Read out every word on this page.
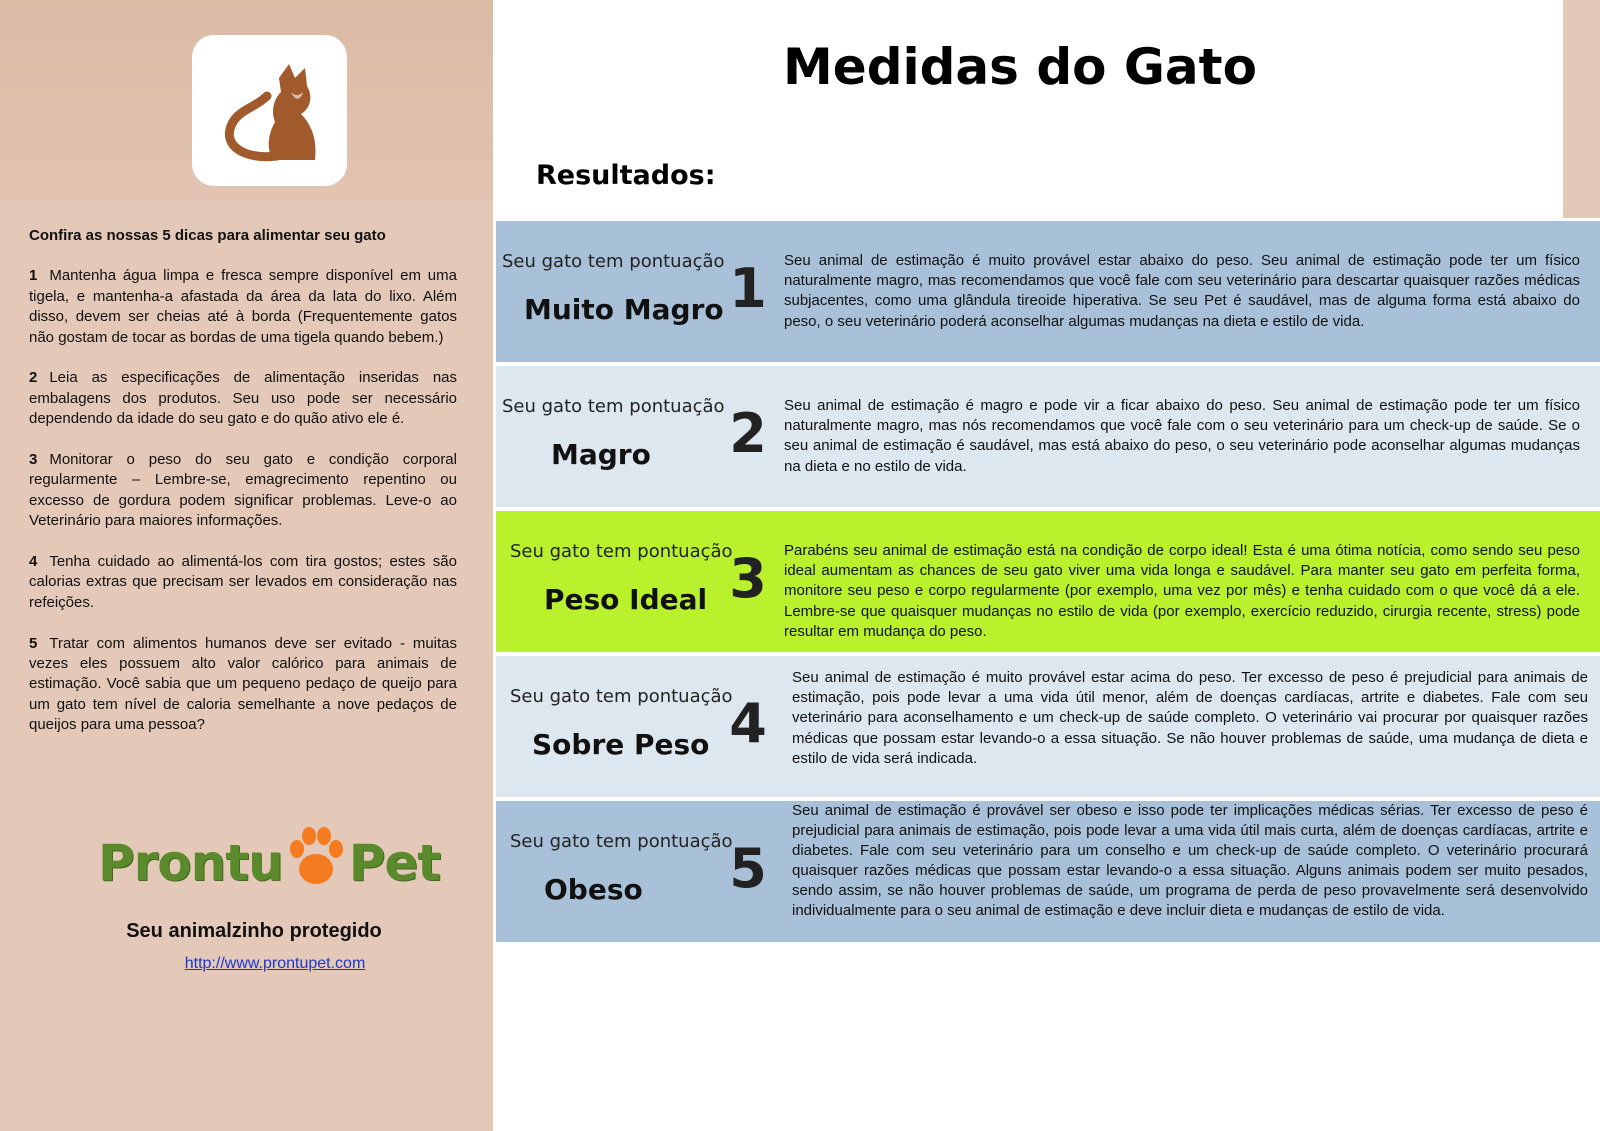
Confira as nossas 5 dicas para alimentar seu gato
1 Mantenha água limpa e fresca sempre disponível em uma tigela, e mantenha-a afastada da área da lata do lixo. Além disso, devem ser cheias até à borda (Frequentemente gatos não gostam de tocar as bordas de uma tigela quando bebem.)
2 Leia as especificações de alimentação inseridas nas embalagens dos produtos. Seu uso pode ser necessário dependendo da idade do seu gato e do quão ativo ele é.
3 Monitorar o peso do seu gato e condição corporal regularmente – Lembre-se, emagrecimento repentino ou excesso de gordura podem significar problemas. Leve-o ao Veterinário para maiores informações.
4 Tenha cuidado ao alimentá-los com tira gostos; estes são calorias extras que precisam ser levados em consideração nas refeições.
5 Tratar com alimentos humanos deve ser evitado - muitas vezes eles possuem alto valor calórico para animais de estimação. Você sabia que um pequeno pedaço de queijo para um gato tem nível de caloria semelhante a nove pedaços de queijos para uma pessoa?
Prontu Pet
Seu animalzinho protegido
http://www.prontupet.com
Medidas do Gato
Resultados:
Seu gato tem pontuação
Muito Magro 1 Seu animal de estimação é muito provável estar abaixo do peso. Seu animal de estimação pode ter um físico naturalmente magro, mas recomendamos que você fale com seu veterinário para descartar quaisquer razões médicas subjacentes, como uma glândula tireoide hiperativa. Se seu Pet é saudável, mas de alguma forma está abaixo do peso, o seu veterinário poderá aconselhar algumas mudanças na dieta e estilo de vida.
Seu gato tem pontuação
Magro 2 Seu animal de estimação é magro e pode vir a ficar abaixo do peso. Seu animal de estimação pode ter um físico naturalmente magro, mas nós recomendamos que você fale com o seu veterinário para um check-up de saúde. Se o seu animal de estimação é saudável, mas está abaixo do peso, o seu veterinário pode aconselhar algumas mudanças na dieta e no estilo de vida.
Seu gato tem pontuação
Peso Ideal 3 Parabéns seu animal de estimação está na condição de corpo ideal! Esta é uma ótima notícia, como sendo seu peso ideal aumentam as chances de seu gato viver uma vida longa e saudável. Para manter seu gato em perfeita forma, monitore seu peso e corpo regularmente (por exemplo, uma vez por mês) e tenha cuidado com o que você dá a ele. Lembre-se que quaisquer mudanças no estilo de vida (por exemplo, exercício reduzido, cirurgia recente, stress) pode resultar em mudança do peso.
Seu gato tem pontuação
Sobre Peso 4
Seu animal de estimação é muito provável estar acima do peso. Ter excesso de peso é prejudicial para animais de estimação, pois pode levar a uma vida útil menor, além de doenças cardíacas, artrite e diabetes. Fale com seu veterinário para aconselhamento e um check-up de saúde completo. O veterinário vai procurar por quaisquer razões médicas que possam estar levando-o a essa situação. Se não houver problemas de saúde, uma mudança de dieta e estilo de vida será indicada.
Seu gato tem pontuação
Obeso 5
Seu animal de estimação é provável ser obeso e isso pode ter implicações médicas sérias. Ter excesso de peso é prejudicial para animais de estimação, pois pode levar a uma vida útil mais curta, além de doenças cardíacas, artrite e diabetes. Fale com seu veterinário para um conselho e um check-up de saúde completo. O veterinário procurará quaisquer razões médicas que possam estar levando-o a essa situação. Alguns animais podem ser muito pesados, sendo assim, se não houver problemas de saúde, um programa de perda de peso provavelmente será desenvolvido individualmente para o seu animal de estimação e deve incluir dieta e mudanças de estilo de vida.
